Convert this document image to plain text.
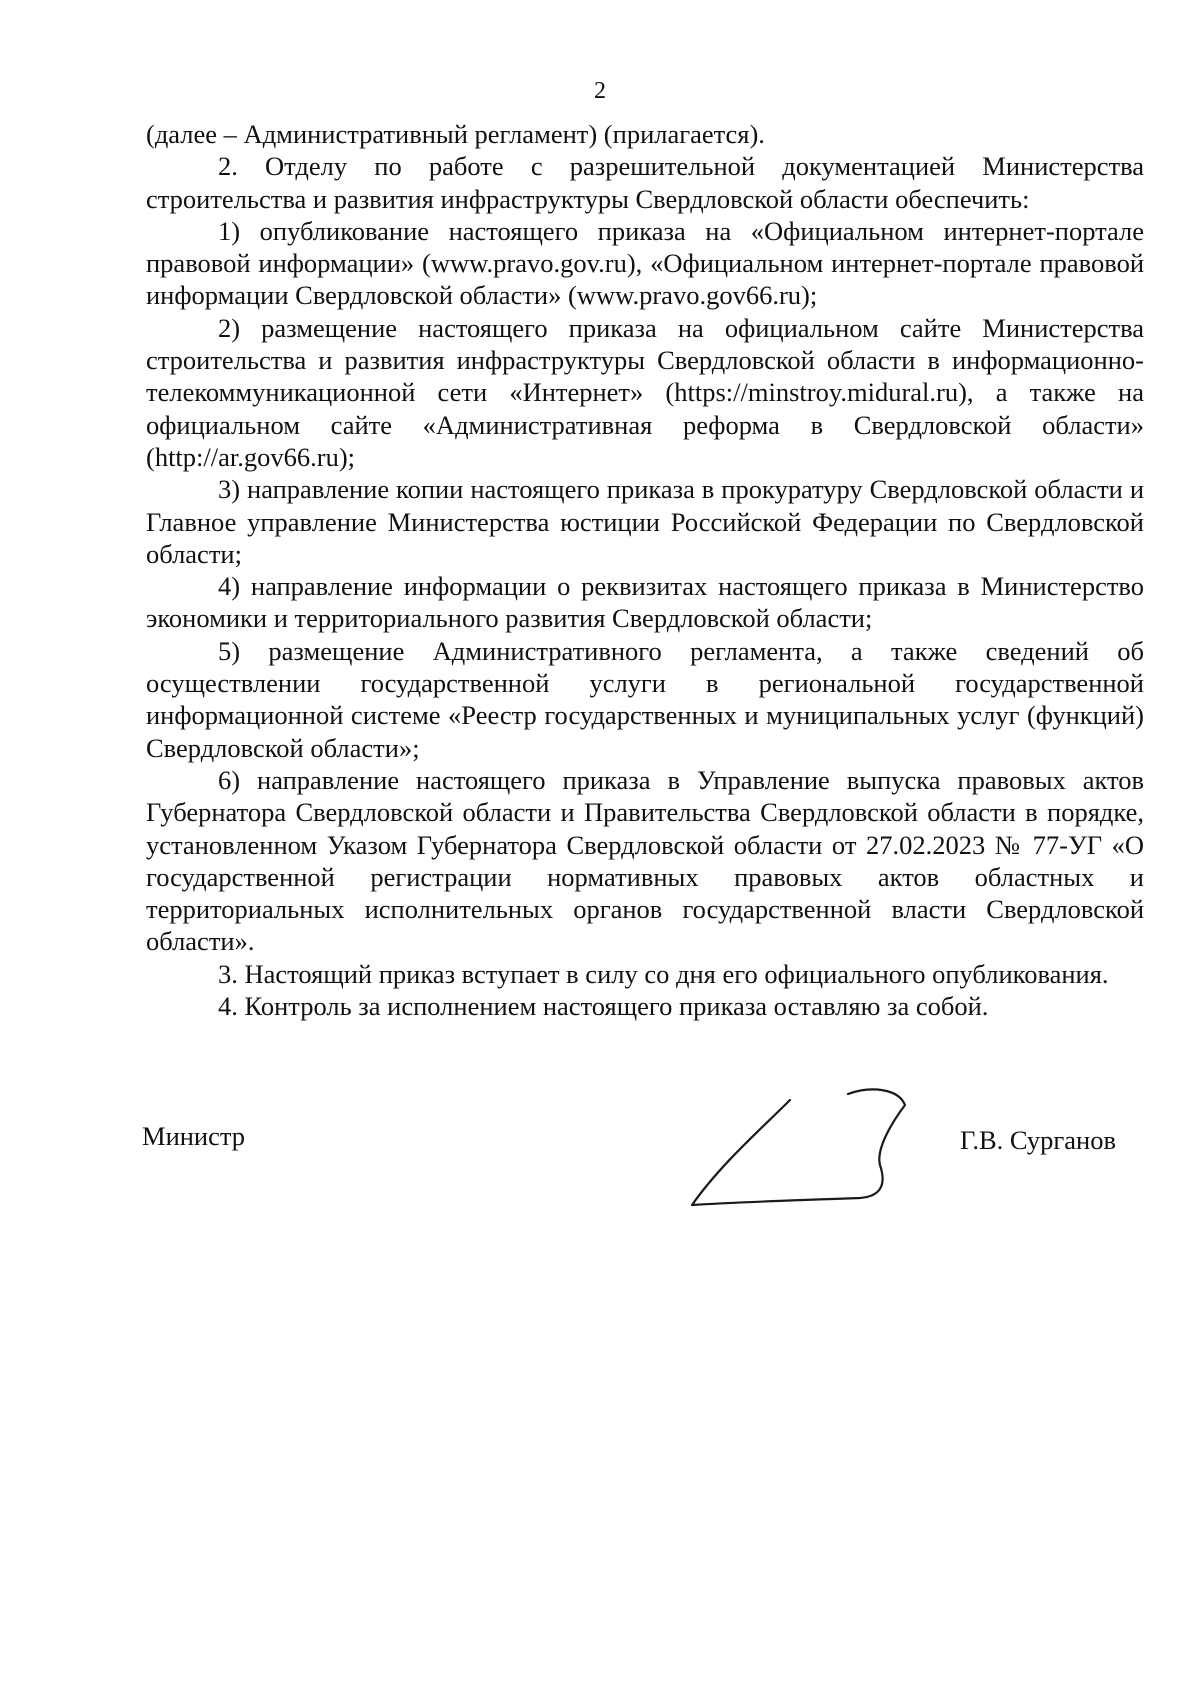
2

(далее – Административный регламент) (прилагается).

2. Отделу по работе с разрешительной документацией Министерства строительства и развития инфраструктуры Свердловской области обеспечить:

1) опубликование настоящего приказа на «Официальном интернет-портале правовой информации» (www.pravo.gov.ru), «Официальном интернет-портале правовой информации Свердловской области» (www.pravo.gov66.ru);

2) размещение настоящего приказа на официальном сайте Министерства строительства и развития инфраструктуры Свердловской области в информационно-телекоммуникационной сети «Интернет» (https://minstroy.midural.ru), а также на официальном сайте «Административная реформа в Свердловской области» (http://ar.gov66.ru);

3) направление копии настоящего приказа в прокуратуру Свердловской области и Главное управление Министерства юстиции Российской Федерации по Свердловской области;

4) направление информации о реквизитах настоящего приказа в Министерство экономики и территориального развития Свердловской области;

5) размещение Административного регламента, а также сведений об осуществлении государственной услуги в региональной государственной информационной системе «Реестр государственных и муниципальных услуг (функций) Свердловской области»;

6) направление настоящего приказа в Управление выпуска правовых актов Губернатора Свердловской области и Правительства Свердловской области в порядке, установленном Указом Губернатора Свердловской области от 27.02.2023 № 77-УГ «О государственной регистрации нормативных правовых актов областных и территориальных исполнительных органов государственной власти Свердловской области».

3. Настоящий приказ вступает в силу со дня его официального опубликования.

4. Контроль за исполнением настоящего приказа оставляю за собой.

Министр	Г.В. Сурганов
